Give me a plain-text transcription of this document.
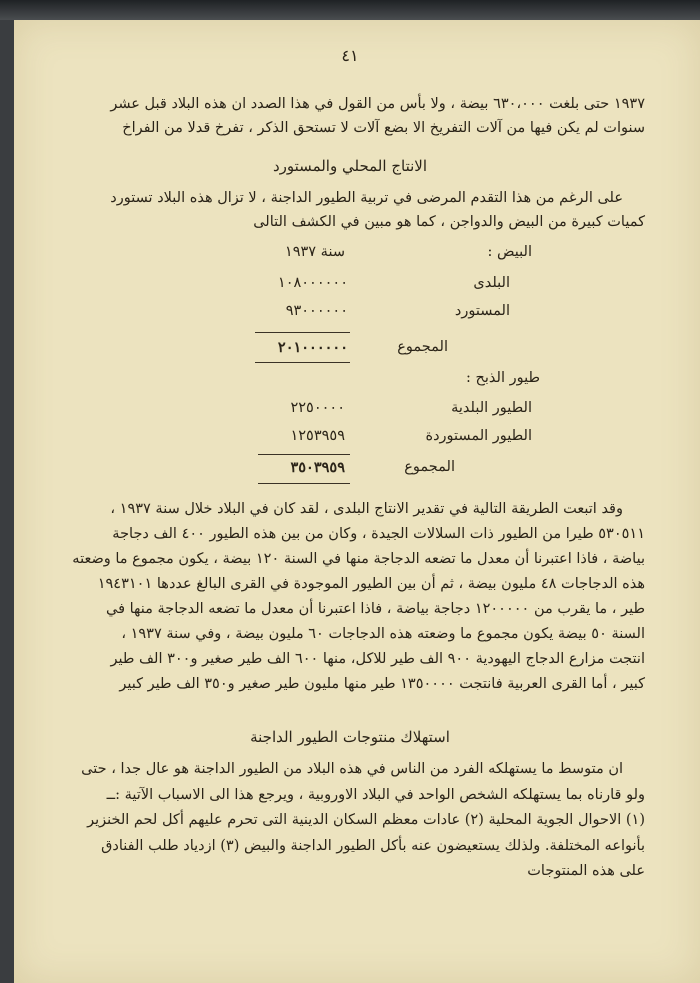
٤١
١٩٣٧ حتى بلغت ٦٣٠،٠٠٠ بيضة ، ولا بأس من القول في هذا الصدد ان هذه البلاد قبل عشر
سنوات لم يكن فيها من آلات التفريخ الا بضع آلات لا تستحق الذكر ، تفرخ قدلا من الفراخ
الانتاج المحلي والمستورد
على الرغم من هذا التقدم المرضى في تربية الطيور الداجنة ، لا تزال هذه البلاد تستورد
كميات كبيرة من البيض والدواجن ، كما هو مبين في الكشف التالى
البيض :
سنة ١٩٣٧
البلدى
١٠٨٠٠٠٠٠٠
المستورد
٩٣٠٠٠٠٠٠
المجموع
٢٠١٠٠٠٠٠٠
طيور الذبح :
الطيور البلدية
٢٢٥٠٠٠٠
الطيور المستوردة
١٢٥٣٩٥٩
المجموع
٣٥٠٣٩٥٩
وقد اتبعت الطريقة التالية في تقدير الانتاج البلدى ، لقد كان في البلاد خلال سنة ١٩٣٧ ،
٥٣٠٥١١ طيرا من الطيور ذات السلالات الجيدة ، وكان من بين هذه الطيور ٤٠٠ الف دجاجة
بياضة ، فاذا اعتبرنا أن معدل ما تضعه الدجاجة منها في السنة ١٢٠ بيضة ، يكون مجموع ما وضعته
هذه الدجاجات ٤٨ مليون بيضة ، ثم أن بين الطيور الموجودة في القرى البالغ عددها ١٩٤٣١٠١
طير ، ما يقرب من ١٢٠٠٠٠٠ دجاجة بياضة ، فاذا اعتبرنا أن معدل ما تضعه الدجاجة منها في
السنة ٥٠ بيضة يكون مجموع ما وضعته هذه الدجاجات ٦٠ مليون بيضة ، وفي سنة ١٩٣٧ ،
انتجت مزارع الدجاج اليهودية ٩٠٠ الف طير للاكل، منها ٦٠٠ الف طير صغير و٣٠٠ الف طير
كبير ، أما القرى العربية فانتجت ١٣٥٠٠٠٠ طير منها مليون طير صغير و٣٥٠ الف طير كبير
استهلاك منتوجات الطيور الداجنة
ان متوسط ما يستهلكه الفرد من الناس في هذه البلاد من الطيور الداجنة هو عال جدا ، حتى
ولو قارناه بما يستهلكه الشخص الواحد في البلاد الاوروبية ، ويرجع هذا الى الاسباب الآتية :ــ
(١) الاحوال الجوية المحلية (٢) عادات معظم السكان الدينية التى تحرم عليهم أكل لحم الخنزير
بأنواعه المختلفة. ولذلك يستعيضون عنه بأكل الطيور الداجنة والبيض (٣) ازدياد طلب الفنادق
على هذه المنتوجات
